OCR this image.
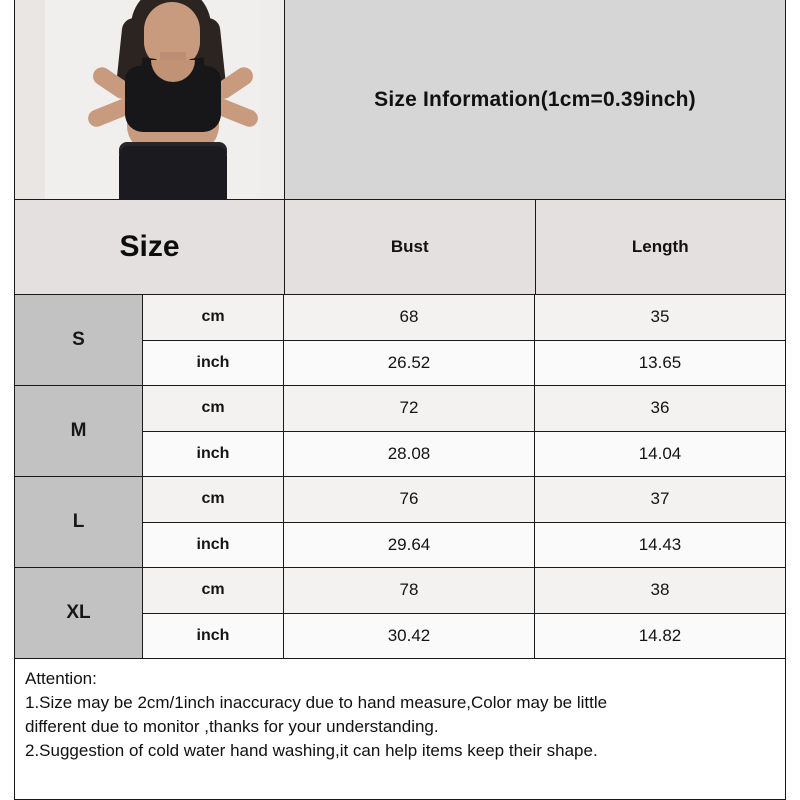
Size Information(1cm=0.39inch)
Size	Bust	Length
S
cm	68	35
inch	26.52	13.65
M
cm	72	36
inch	28.08	14.04
L
cm	76	37
inch	29.64	14.43
XL
cm	78	38
inch	30.42	14.82
Attention:
1.Size may be 2cm/1inch inaccuracy due to hand measure,Color may be little
different due to monitor ,thanks for your understanding.
2.Suggestion of cold water hand washing,it can help items keep their shape.
